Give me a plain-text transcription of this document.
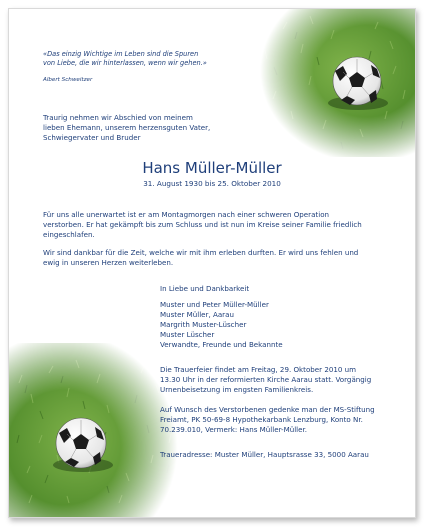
«Das einzig Wichtige im Leben sind die Spuren
von Liebe, die wir hinterlassen, wenn wir gehen.»
Albert Schweitzer
Traurig nehmen wir Abschied von meinem
lieben Ehemann, unserem herzensguten Vater,
Schwiegervater und Bruder
Hans Müller-Müller
31. August 1930 bis 25. Oktober 2010
Für uns alle unerwartet ist er am Montagmorgen nach einer schweren Operation
verstorben. Er hat gekämpft bis zum Schluss und ist nun im Kreise seiner Familie friedlich
eingeschlafen.
Wir sind dankbar für die Zeit, welche wir mit ihm erleben durften. Er wird uns fehlen und
ewig in unseren Herzen weiterleben.
In Liebe und Dankbarkeit
Muster und Peter Müller-Müller
Muster Müller, Aarau
Margrith Muster-Lüscher
Muster Lüscher
Verwandte, Freunde und Bekannte
Die Trauerfeier findet am Freitag, 29. Oktober 2010 um
13.30 Uhr in der reformierten Kirche Aarau statt. Vorgängig
Urnenbeisetzung im engsten Familienkreis.
Auf Wunsch des Verstorbenen gedenke man der MS-Stiftung
Freiamt, PK 50-69-8 Hypothekarbank Lenzburg, Konto Nr.
70.239.010, Vermerk: Hans Müller-Müller.
Traueradresse: Muster Müller, Hauptsrasse 33, 5000 Aarau
